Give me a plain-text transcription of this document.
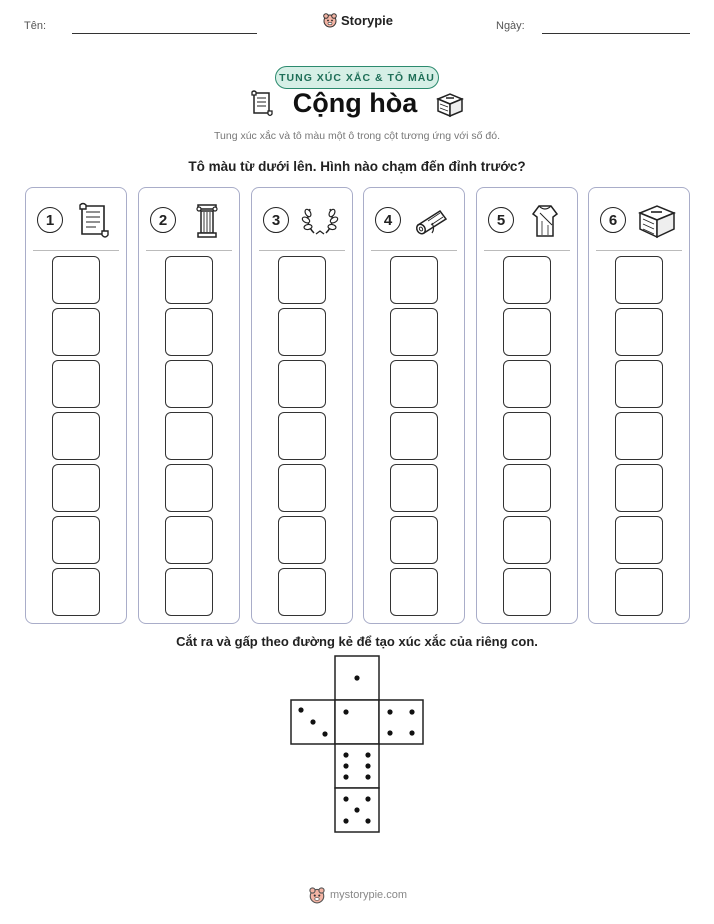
Tên:	Storypie	Ngày:
TUNG XÚC XẮC & TÔ MÀU
Cộng hòa
Tung xúc xắc và tô màu một ô trong cột tương ứng với số đó.
Tô màu từ dưới lên. Hình nào chạm đến đỉnh trước?
1	2	3	4	5	6
Cắt ra và gấp theo đường kẻ để tạo xúc xắc của riêng con.
mystorypie.com
